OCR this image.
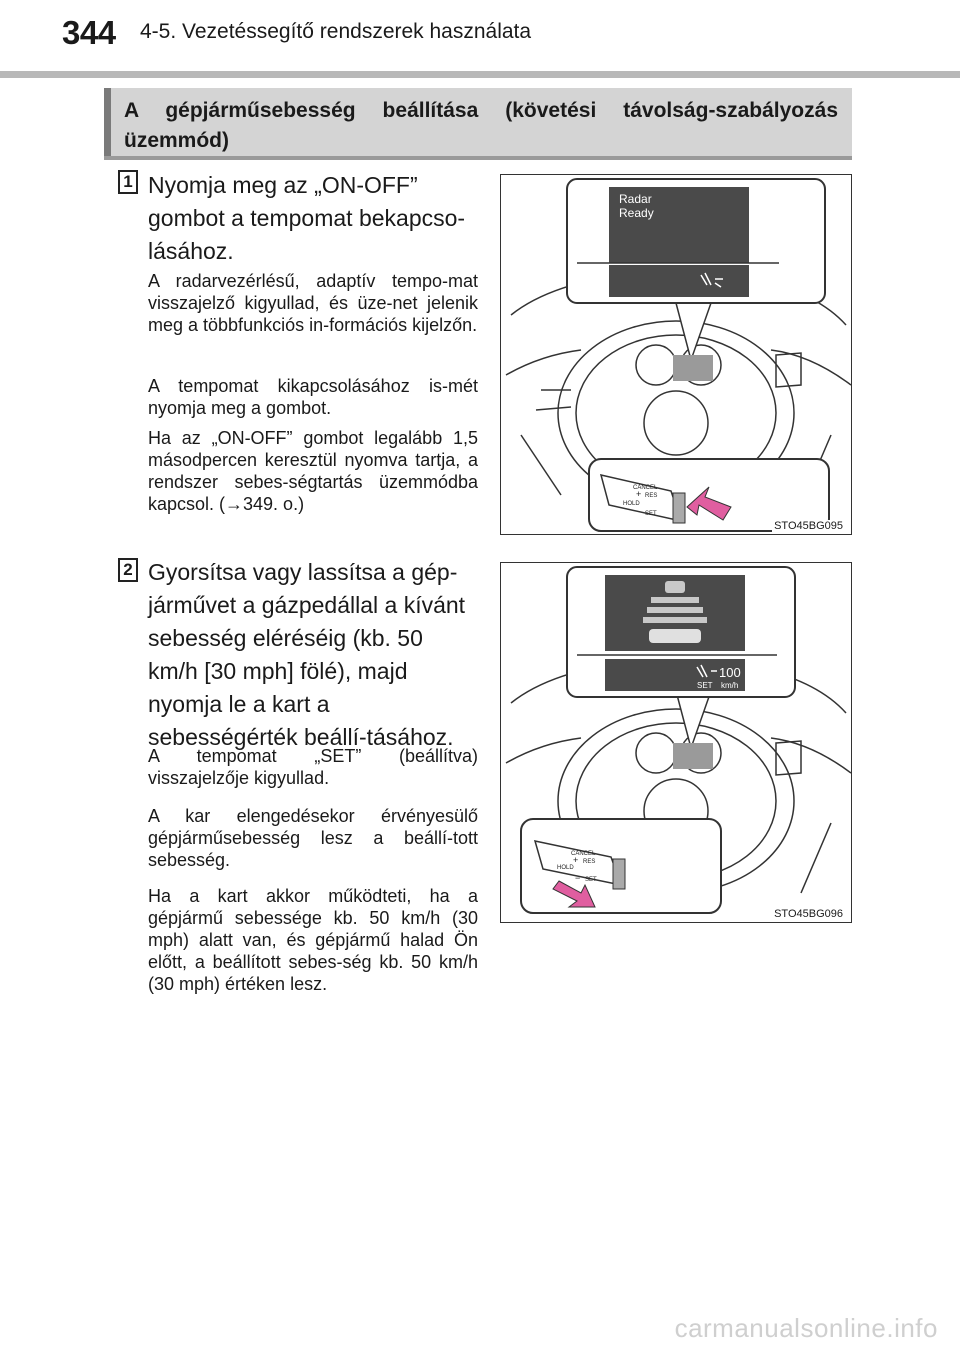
344 4-5. Vezetéssegítő rendszerek használata
A gépjárműsebesség beállítása (követési távolság-szabályozás üzemmód)
1 Nyomja meg az „ON-OFF” gombot a tempomat bekapcso-lásához.

A radarvezérlésű, adaptív tempo-mat visszajelző kigyullad, és üze-net jelenik meg a többfunkciós in-formációs kijelzőn.

A tempomat kikapcsolásához is-mét nyomja meg a gombot.

Ha az „ON-OFF” gombot legalább 1,5 másodpercen keresztül nyomva tartja, a rendszer sebes-ségtartás üzemmódba kapcsol. (→349. o.)

Radar
Ready
CANCEL
+ RES
HOLD
SET
STO45BG095
2 Gyorsítsa vagy lassítsa a gép-járművet a gázpedállal a kívánt sebesség eléréséig (kb. 50 km/h [30 mph] fölé), majd nyomja le a kart a sebességérték beállí-tásához.

A tempomat „SET” (beállítva) visszajelzője kigyullad.

A kar elengedésekor érvényesülő gépjárműsebesség lesz a beállí-tott sebesség.

Ha a kart akkor működteti, ha a gépjármű sebessége kb. 50 km/h (30 mph) alatt van, és gépjármű halad Ön előtt, a beállított sebes-ség kb. 50 km/h (30 mph) értéken lesz.

100
SET km/h
CANCEL
+ RES
HOLD
− SET
STO45BG096
carmanualsonline.info
